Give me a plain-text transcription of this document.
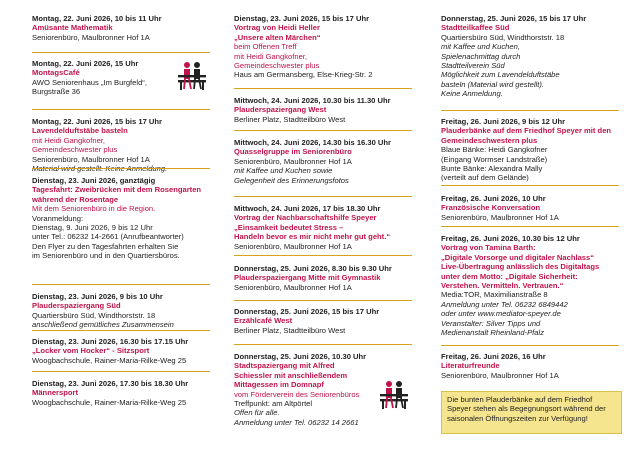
Montag, 22. Juni 2026, 10 bis 11 Uhr
Amüsante Mathematik
Seniorenbüro, Maulbronner Hof 1A
Montag, 22. Juni 2026, 15 Uhr
MontagsCafé
AWO Seniorenhaus „Im Burgfeld“,
Burgstraße 36
Montag, 22. Juni 2026, 15 bis 17 Uhr
Lavendelduftstäbe basteln
mit Heidi Gangkofner,
Gemeindeschwester plus
Seniorenbüro, Maulbronner Hof 1A
Dienstag, 23. Juni 2026, ganztägig
Tagesfahrt: Zweibrücken mit dem Rosengarten während der Rosentage
Mit dem Seniorenbüro in die Region.
Voranmeldung:
Dienstag, 9. Juni 2026, 9 bis 12 Uhr
unter Tel.: 06232 14-2661 (Anrufbeantworter)
Den Flyer zu den Tagesfahrten erhalten Sie
im Seniorenbüro und in den Quartiersbüros.
Dienstag, 23. Juni 2026, 9 bis 10 Uhr
Plauderspaziergang Süd
Quartiersbüro Süd, Windthorststr. 18
anschließend gemütliches Zusammensein
Dienstag, 23. Juni 2026, 16.30 bis 17.15 Uhr
„Locker vom Hocker“ - Sitzsport
Woogbachschule, Rainer-Maria-Rilke-Weg 25
Dienstag, 23. Juni 2026, 17.30 bis 18.30 Uhr
Männersport
Woogbachschule, Rainer-Maria-Rilke-Weg 25
Dienstag, 23. Juni 2026, 15 bis 17 Uhr
Vortrag von Heidi Heller
„Unsere alten Märchen“
beim Offenen Treff
mit Heidi Gangkofner,
Gemeindeschwester plus
Haus am Germansberg, Else-Krieg-Str. 2
Mittwoch, 24. Juni 2026, 10.30 bis 11.30 Uhr
Plauderspaziergang West
Berliner Platz, Stadtteilbüro West
Mittwoch, 24. Juni 2026, 14.30 bis 16.30 Uhr
Quasselgruppe im Seniorenbüro
Seniorenbüro, Maulbronner Hof 1A
mit Kaffee und Kuchen sowie
Gelegenheit des Erinnerungsfotos
Mittwoch, 24. Juni 2026, 17 bis 18.30 Uhr
Vortrag der Nachbarschaftshilfe Speyer
„Einsamkeit bedeutet Stress –
Handeln bevor es mir nicht mehr gut geht.“
Seniorenbüro, Maulbronner Hof 1A
Donnerstag, 25. Juni 2026, 8.30 bis 9.30 Uhr
Plauderspaziergang Mitte mit Gymnastik
Seniorenbüro, Maulbronner Hof 1A
Donnerstag, 25. Juni 2026, 15 bis 17 Uhr
Erzählcafé West
Berliner Platz, Stadtteilbüro West
Donnerstag, 25. Juni 2026, 10.30 Uhr
Stadtspaziergang mit Alfred Schiessler mit anschließendem Mittagessen im Domnapf
vom Förderverein des Seniorenbüros
Treffpunkt: am Altpörtel
Offen für alle.
Anmeldung unter Tel. 06232 14 2661
Donnerstag, 25. Juni 2026, 15 bis 17 Uhr
Stadtteilkaffee Süd
Quartiersbüro Süd, Windthorststr. 18
mit Kaffee und Kuchen,
Spielenachmittag durch
Stadtteilverein Süd
Möglichkeit zum Lavendelduftstäbe
basteln (Material wird gestellt).
Keine Anmeldung.
Freitag, 26. Juni 2026, 9 bis 12 Uhr
Plauderbänke auf dem Friedhof Speyer mit den Gemeindeschwestern plus
Blaue Bänke: Heidi Gangkofner
(Eingang Wormser Landstraße)
Bunte Bänke: Alexandra Mally
(verteilt auf dem Gelände)
Freitag, 26. Juni 2026, 10 Uhr
Französische Konversation
Seniorenbüro, Maulbronner Hof 1A
Freitag, 26. Juni 2026, 10.30 bis 12 Uhr
Vortrag von Tamina Barth:
„Digitale Vorsorge und digitaler Nachlass“
Live-Übertragung anlässlich des Digitaltags
unter dem Motto: „Digitale Sicherheit:
Verstehen. Vermitteln. Vertrauen.“
Media:TOR, Maximilianstraße 8
Anmeldung unter Tel. 06232 6849442
oder unter www.mediator-speyer.de
Veranstalter: Silver Tipps und
Medienanstalt Rheinland-Pfalz
Freitag, 26. Juni 2026, 16 Uhr
Literaturfreunde
Seniorenbüro, Maulbronner Hof 1A
Die bunten Plauderbänke auf dem Friedhof Speyer stehen als Begegnungsort während der saisonalen Öffnungszeiten zur Verfügung!
